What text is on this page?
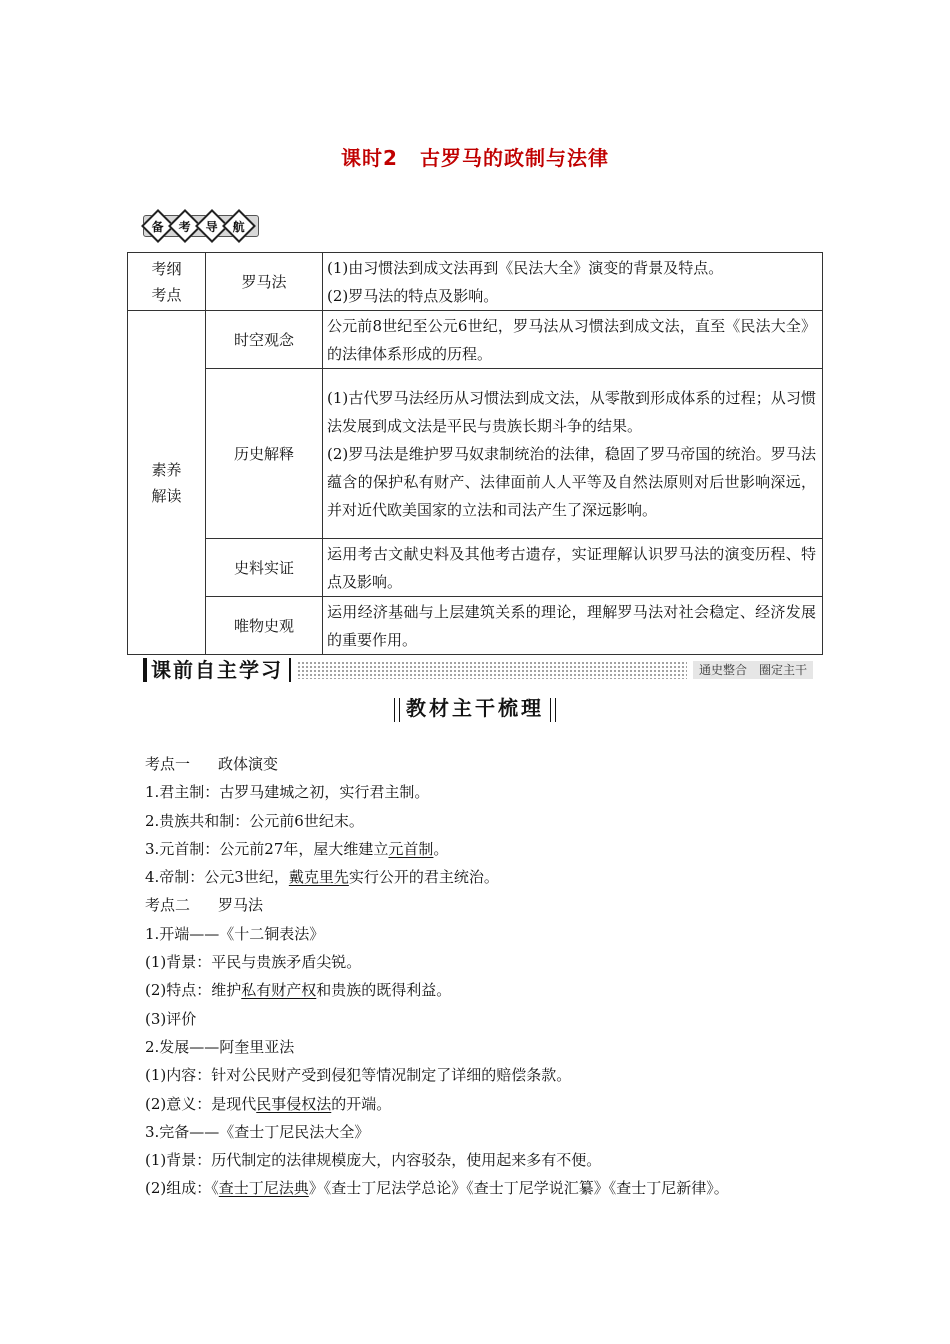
课时2 古罗马的政制与法律
备 考 导 航
考纲
考点	罗马法	(1)由习惯法到成文法再到《民法大全》演变的背景及特点。
(2)罗马法的特点及影响。

素养
解读	时空观念	公元前8世纪至公元6世纪，罗马法从习惯法到成文法，直至《民法大全》的法律体系形成的历程。
	历史解释	(1)古代罗马法经历从习惯法到成文法，从零散到形成体系的过程；从习惯法发展到成文法是平民与贵族长期斗争的结果。
(2)罗马法是维护罗马奴隶制统治的法律，稳固了罗马帝国的统治。罗马法蕴含的保护私有财产、法律面前人人平等及自然法原则对后世影响深远，并对近代欧美国家的立法和司法产生了深远影响。

	史料实证	运用考古文献史料及其他考古遗存，实证理解认识罗马法的演变历程、特点及影响。
	唯物史观	运用经济基础与上层建筑关系的理论，理解罗马法对社会稳定、经济发展的重要作用。
课前自主学习	通史整合　圈定主干
教材主干梳理

考点一 政体演变

1.君主制：古罗马建城之初，实行君主制。

2.贵族共和制：公元前6世纪末。

3.元首制：公元前27年，屋大维建立元首制。

4.帝制：公元3世纪，戴克里先实行公开的君主统治。

考点二 罗马法

1.开端——《十二铜表法》

(1)背景：平民与贵族矛盾尖锐。

(2)特点：维护私有财产权和贵族的既得利益。

(3)评价

2.发展——阿奎里亚法

(1)内容：针对公民财产受到侵犯等情况制定了详细的赔偿条款。

(2)意义：是现代民事侵权法的开端。

3.完备——《查士丁尼民法大全》

(1)背景：历代制定的法律规模庞大，内容驳杂，使用起来多有不便。

(2)组成：《查士丁尼法典》《查士丁尼法学总论》《查士丁尼学说汇纂》《查士丁尼新律》。
